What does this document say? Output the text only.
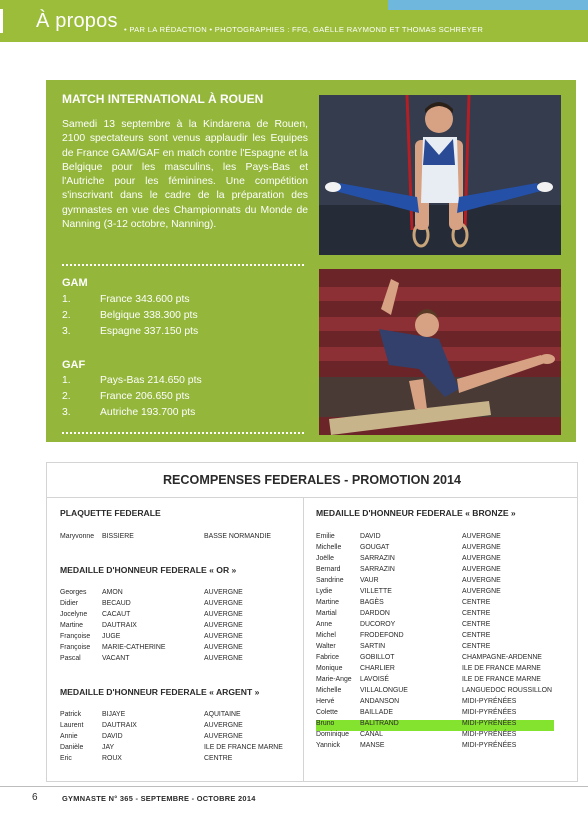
À propos • PAR LA RÉDACTION • PHOTOGRAPHIES : FFG, GAËLLE RAYMOND ET THOMAS SCHREYER
MATCH INTERNATIONAL À ROUEN

Samedi 13 septembre à la Kindarena de Rouen, 2100 spectateurs sont venus applaudir les Equipes de France GAM/GAF en match contre l'Espagne et la Belgique pour les masculins, les Pays-Bas et l'Autriche pour les féminines. Une compétition s'inscrivant dans le cadre de la préparation des gymnastes en vue des Championnats du Monde de Nanning (3-12 octobre, Nanning).

GAM
1.	France 343.600 pts
2.	Belgique 338.300 pts
3.	Espagne 337.150 pts
GAF
1.	Pays-Bas 214.650 pts
2.	France 206.650 pts
3.	Autriche 193.700 pts
RECOMPENSES FEDERALES - PROMOTION 2014
PLAQUETTE FEDERALE
Maryvonne BISSIERE	BASSE NORMANDIE
MEDAILLE D'HONNEUR FEDERALE « OR »
Georges AMON	AUVERGNE
Didier	BECAUD	AUVERGNE
Jocelyne CACAUT	AUVERGNE
Martine	DAUTRAIX	AUVERGNE
Françoise JUGE	AUVERGNE
Françoise MARIE-CATHERINE	AUVERGNE
Pascal	VACANT	AUVERGNE
MEDAILLE D'HONNEUR FEDERALE « ARGENT »
Patrick	BIJAYE	AQUITAINE
Laurent	DAUTRAIX	AUVERGNE
Annie	DAVID	AUVERGNE
Danièle	JAY	ILE DE FRANCE MARNE
Eric	ROUX	CENTRE
MEDAILLE D'HONNEUR FEDERALE « BRONZE »
Emilie	DAVID	AUVERGNE
Michelle	GOUGAT	AUVERGNE
Joëlle	SARRAZIN	AUVERGNE
Bernard	SARRAZIN	AUVERGNE
Sandrine VAUR	AUVERGNE
Lydie	VILLETTE	AUVERGNE
Martine	BAGÈS	CENTRE
Martial	DARDON	CENTRE
Anne	DUCOROY	CENTRE
Michel	FRODEFOND	CENTRE
Walter	SARTIN	CENTRE
Fabrice	GOBILLOT	CHAMPAGNE-ARDENNE
Monique	CHARLIER	ILE DE FRANCE MARNE
Marie-Ange LAVOISÉ	ILE DE FRANCE MARNE
Michelle	VILLALONGUE	LANGUEDOC ROUSSILLON
Hervé	ANDANSON	MIDI-PYRÉNÉES
Colette	BAILLADE	MIDI-PYRÉNÉES
Bruno	BALITRAND	MIDI-PYRÉNÉES
Dominique CANAL	MIDI-PYRÉNÉES
Yannick	MANSE	MIDI-PYRÉNÉES
6	GYMNASTE N° 365 - SEPTEMBRE - OCTOBRE 2014
